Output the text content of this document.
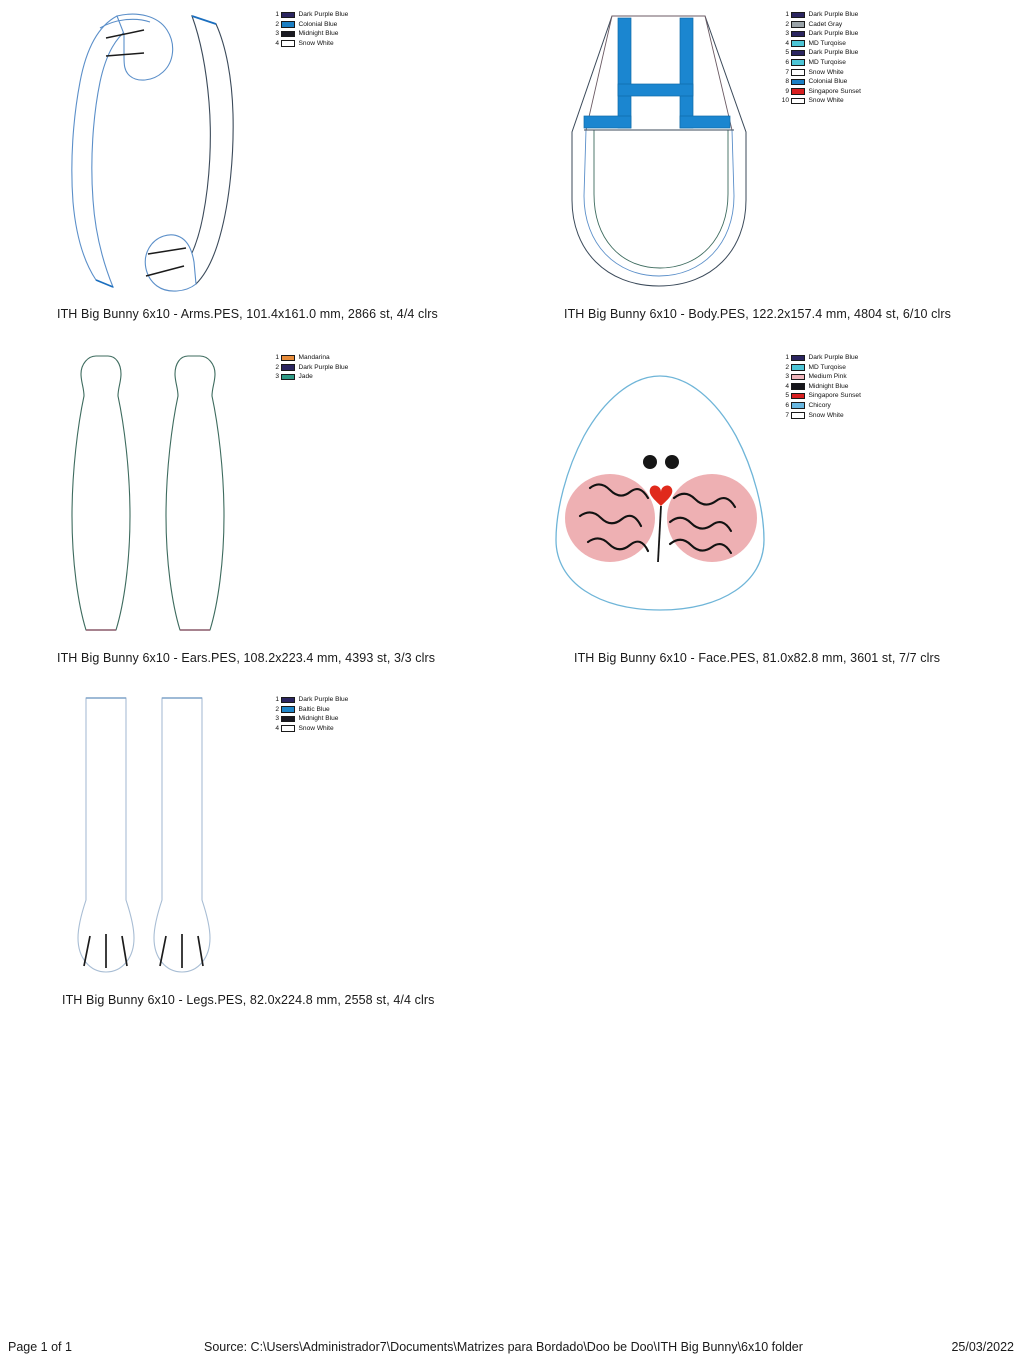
1	Dark Purple Blue
2	Colonial Blue
3	Midnight Blue
4	Snow White
ITH Big Bunny 6x10 - Arms.PES, 101.4x161.0 mm, 2866 st, 4/4 clrs
1	Dark Purple Blue
2	Cadet Gray
3	Dark Purple Blue
4	MD Turqoise
5	Dark Purple Blue
6	MD Turqoise
7	Snow White
8	Colonial Blue
9	Singapore Sunset
10	Snow White
ITH Big Bunny 6x10 - Body.PES, 122.2x157.4 mm, 4804 st, 6/10 clrs
1	Mandarina
2	Dark Purple Blue
3	Jade
ITH Big Bunny 6x10 - Ears.PES, 108.2x223.4 mm, 4393 st, 3/3 clrs
1	Dark Purple Blue
2	MD Turqoise
3	Medium Pink
4	Midnight Blue
5	Singapore Sunset
6	Chicory
7	Snow White
ITH Big Bunny 6x10 - Face.PES, 81.0x82.8 mm, 3601 st, 7/7 clrs
1	Dark Purple Blue
2	Baltic Blue
3	Midnight Blue
4	Snow White
ITH Big Bunny 6x10 - Legs.PES, 82.0x224.8 mm, 2558 st, 4/4 clrs
Page 1 of 1	Source: C:\Users\Administrador7\Documents\Matrizes para Bordado\Doo be Doo\ITH Big Bunny\6x10 folder	25/03/2022
